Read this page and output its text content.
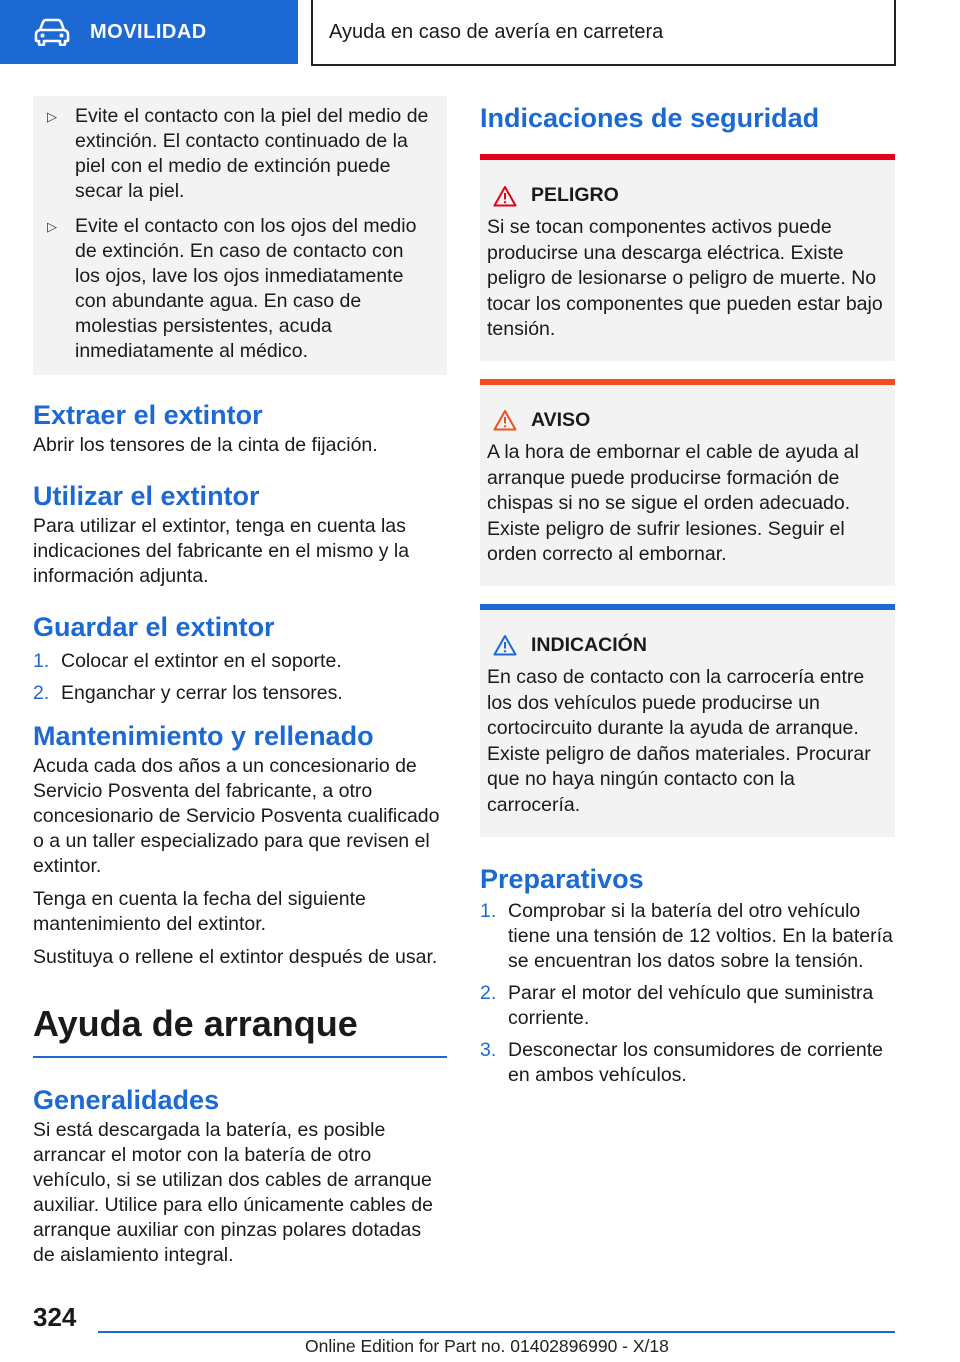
MOVILIDAD	Ayuda en caso de avería en carretera
▷ Evite el contacto con la piel del medio de extinción. El contacto continuado de la piel con el medio de extinción puede secar la piel.
▷ Evite el contacto con los ojos del medio de extinción. En caso de contacto con los ojos, lave los ojos inmediatamente con abundante agua. En caso de molestias persistentes, acuda inmediatamente al médico.
Extraer el extintor

Abrir los tensores de la cinta de fijación.

Utilizar el extintor

Para utilizar el extintor, tenga en cuenta las indicaciones del fabricante en el mismo y la información adjunta.

Guardar el extintor
1. Colocar el extintor en el soporte.
2. Enganchar y cerrar los tensores.
Mantenimiento y rellenado

Acuda cada dos años a un concesionario de Servicio Posventa del fabricante, a otro concesionario de Servicio Posventa cualificado o a un taller especializado para que revisen el extintor.

Tenga en cuenta la fecha del siguiente mantenimiento del extintor.

Sustituya o rellene el extintor después de usar.

Ayuda de arranque
Generalidades

Si está descargada la batería, es posible arrancar el motor con la batería de otro vehículo, si se utilizan dos cables de arranque auxiliar. Utilice para ello únicamente cables de arranque auxiliar con pinzas polares dotadas de aislamiento integral.

Indicaciones de seguridad
PELIGRO
Si se tocan componentes activos puede producirse una descarga eléctrica. Existe peligro de lesionarse o peligro de muerte. No tocar los componentes que pueden estar bajo tensión.
AVISO
A la hora de embornar el cable de ayuda al arranque puede producirse formación de chispas si no se sigue el orden adecuado. Existe peligro de sufrir lesiones. Seguir el orden correcto al embornar.
INDICACIÓN
En caso de contacto con la carrocería entre los dos vehículos puede producirse un cortocircuito durante la ayuda de arranque. Existe peligro de daños materiales. Procurar que no haya ningún contacto con la carrocería.
Preparativos
1. Comprobar si la batería del otro vehículo tiene una tensión de 12 voltios. En la batería se encuentran los datos sobre la tensión.
2. Parar el motor del vehículo que suministra corriente.
3. Desconectar los consumidores de corriente en ambos vehículos.
324
Online Edition for Part no. 01402896990 - X/18
